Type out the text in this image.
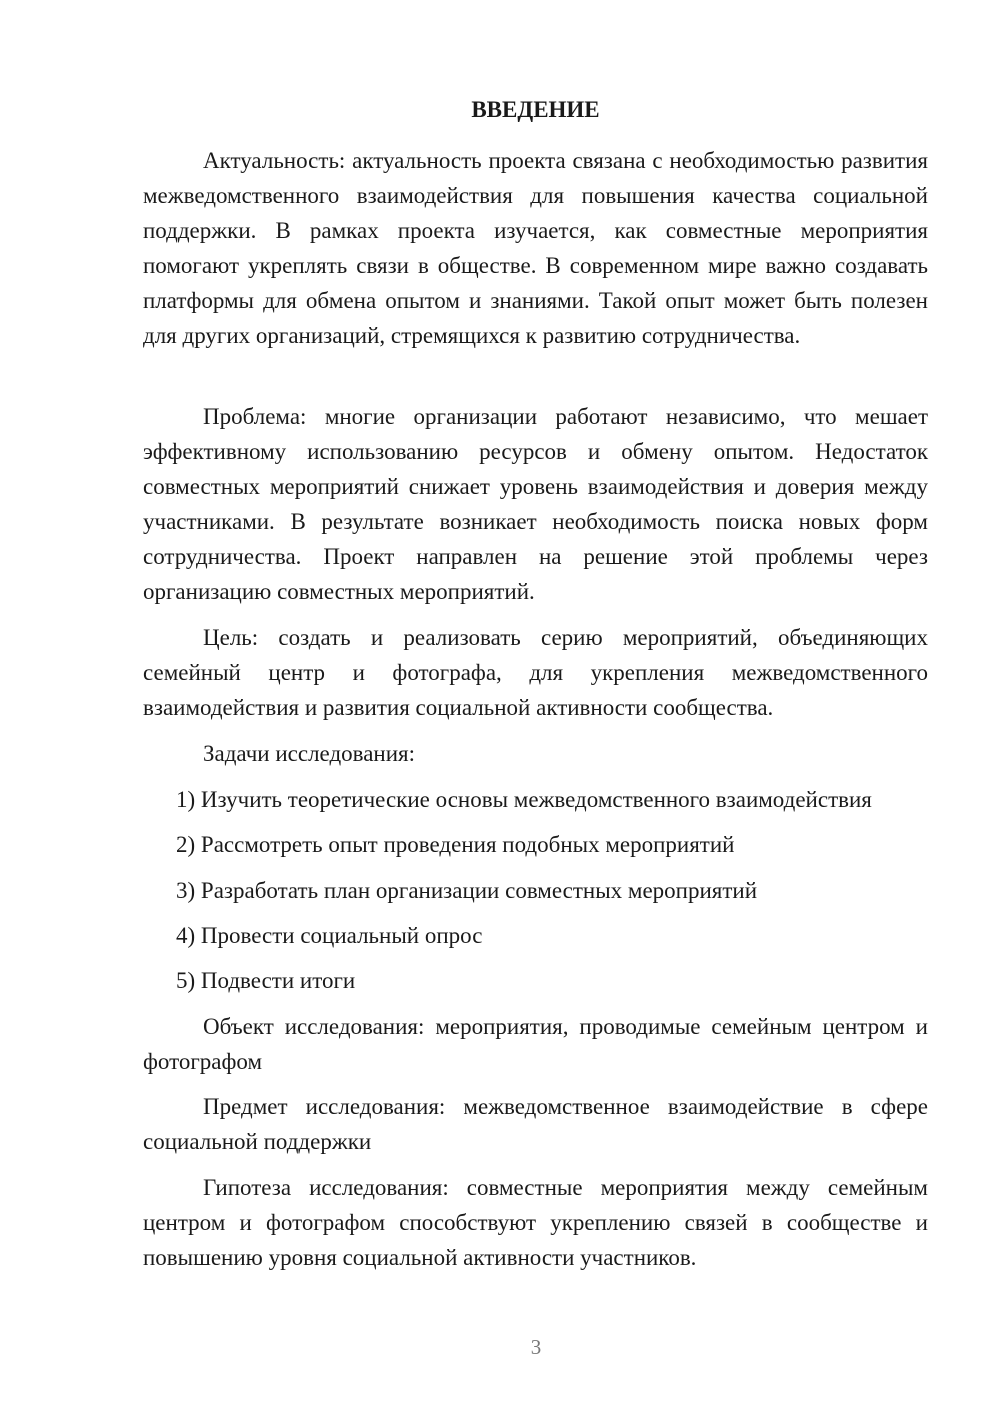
ВВЕДЕНИЕ

Актуальность: актуальность проекта связана с необходимостью развития межведомственного взаимодействия для повышения качества социальной поддержки. В рамках проекта изучается, как совместные мероприятия помогают укреплять связи в обществе. В современном мире важно создавать платформы для обмена опытом и знаниями. Такой опыт может быть полезен для других организаций, стремящихся к развитию сотрудничества.

Проблема: многие организации работают независимо, что мешает эффективному использованию ресурсов и обмену опытом. Недостаток совместных мероприятий снижает уровень взаимодействия и доверия между участниками. В результате возникает необходимость поиска новых форм сотрудничества. Проект направлен на решение этой проблемы через организацию совместных мероприятий.

Цель: создать и реализовать серию мероприятий, объединяющих семейный центр и фотографа, для укрепления межведомственного взаимодействия и развития социальной активности сообщества.

Задачи исследования:

1) Изучить теоретические основы межведомственного взаимодействия

2) Рассмотреть опыт проведения подобных мероприятий

3) Разработать план организации совместных мероприятий

4) Провести социальный опрос

5) Подвести итоги

Объект исследования: мероприятия, проводимые семейным центром и фотографом

Предмет исследования: межведомственное взаимодействие в сфере социальной поддержки

Гипотеза исследования: совместные мероприятия между семейным центром и фотографом способствуют укреплению связей в сообществе и повышению уровня социальной активности участников.

3
